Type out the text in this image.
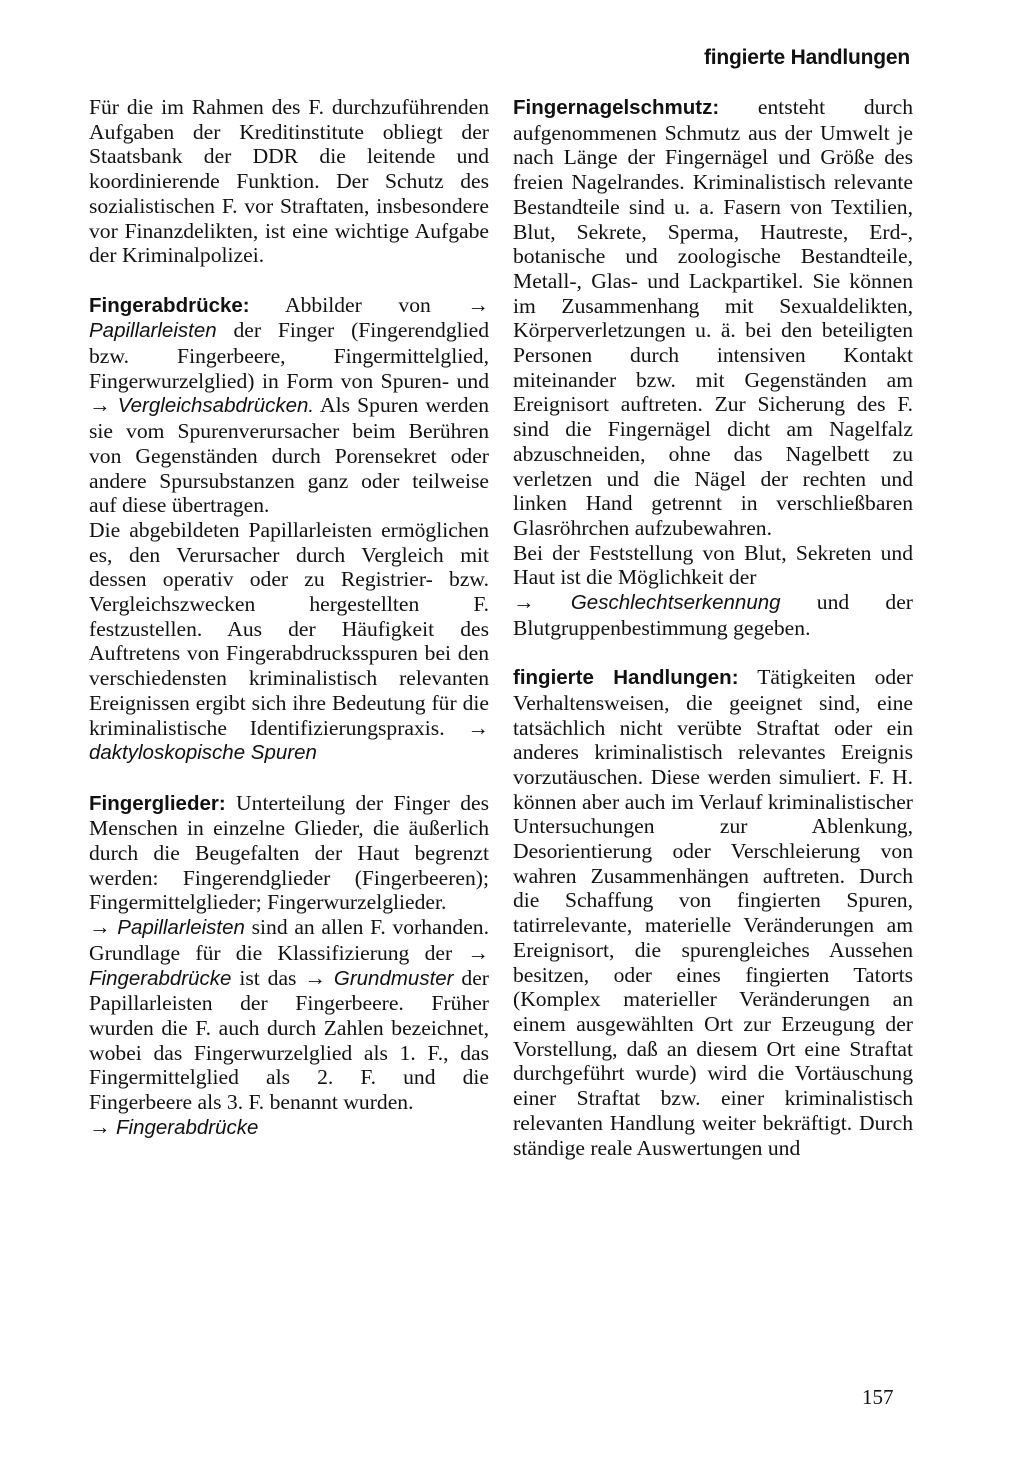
fingierte Handlungen

Für die im Rahmen des F. durchzuführenden Aufgaben der Kreditinstitute obliegt der Staatsbank der DDR die leitende und koordinierende Funktion. Der Schutz des sozialistischen F. vor Straftaten, insbesondere vor Finanzdelikten, ist eine wichtige Aufgabe der Kriminalpolizei.

Fingerabdrücke: Abbilder von → Papillarleisten der Finger (Fingerendglied bzw. Fingerbeere, Fingermittelglied, Fingerwurzelglied) in Form von Spuren- und → Vergleichsabdrücken. Als Spuren werden sie vom Spurenverursacher beim Berühren von Gegenständen durch Porensekret oder andere Spursubstanzen ganz oder teilweise auf diese übertragen.

Die abgebildeten Papillarleisten ermöglichen es, den Verursacher durch Vergleich mit dessen operativ oder zu Registrier- bzw. Vergleichszwecken hergestellten F. festzustellen. Aus der Häufigkeit des Auftretens von Fingerabdrucksspuren bei den verschiedensten kriminalistisch relevanten Ereignissen ergibt sich ihre Bedeutung für die kriminalistische Identifizierungspraxis. → daktyloskopische Spuren

Fingerglieder: Unterteilung der Finger des Menschen in einzelne Glieder, die äußerlich durch die Beugefalten der Haut begrenzt werden: Fingerendglieder (Fingerbeeren); Fingermittelglieder; Fingerwurzelglieder.

→ Papillarleisten sind an allen F. vorhanden. Grundlage für die Klassifizierung der → Fingerabdrücke ist das → Grundmuster der Papillarleisten der Fingerbeere. Früher wurden die F. auch durch Zahlen bezeichnet, wobei das Fingerwurzelglied als 1. F., das Fingermittelglied als 2. F. und die Fingerbeere als 3. F. benannt wurden.

→ Fingerabdrücke

Fingernagelschmutz: entsteht durch aufgenommenen Schmutz aus der Umwelt je nach Länge der Fingernägel und Größe des freien Nagelrandes. Kriminalistisch relevante Bestandteile sind u. a. Fasern von Textilien, Blut, Sekrete, Sperma, Hautreste, Erd-, botanische und zoologische Bestandteile, Metall-, Glas- und Lackpartikel. Sie können im Zusammenhang mit Sexualdelikten, Körperverletzungen u. ä. bei den beteiligten Personen durch intensiven Kontakt miteinander bzw. mit Gegenständen am Ereignisort auftreten. Zur Sicherung des F. sind die Fingernägel dicht am Nagelfalz abzuschneiden, ohne das Nagelbett zu verletzen und die Nägel der rechten und linken Hand getrennt in verschließbaren Glasröhrchen aufzubewahren.

Bei der Feststellung von Blut, Sekreten und Haut ist die Möglichkeit der

→ Geschlechtserkennung und der Blutgruppenbestimmung gegeben.

fingierte Handlungen: Tätigkeiten oder Verhaltensweisen, die geeignet sind, eine tatsächlich nicht verübte Straftat oder ein anderes kriminalistisch relevantes Ereignis vorzutäuschen. Diese werden simuliert. F. H. können aber auch im Verlauf kriminalistischer Untersuchungen zur Ablenkung, Desorientierung oder Verschleierung von wahren Zusammenhängen auftreten. Durch die Schaffung von fingierten Spuren, tatirrelevante, materielle Veränderungen am Ereignisort, die spurengleiches Aussehen besitzen, oder eines fingierten Tatorts (Komplex materieller Veränderungen an einem ausgewählten Ort zur Erzeugung der Vorstellung, daß an diesem Ort eine Straftat durchgeführt wurde) wird die Vortäuschung einer Straftat bzw. einer kriminalistisch relevanten Handlung weiter bekräftigt. Durch ständige reale Auswertungen und

157
